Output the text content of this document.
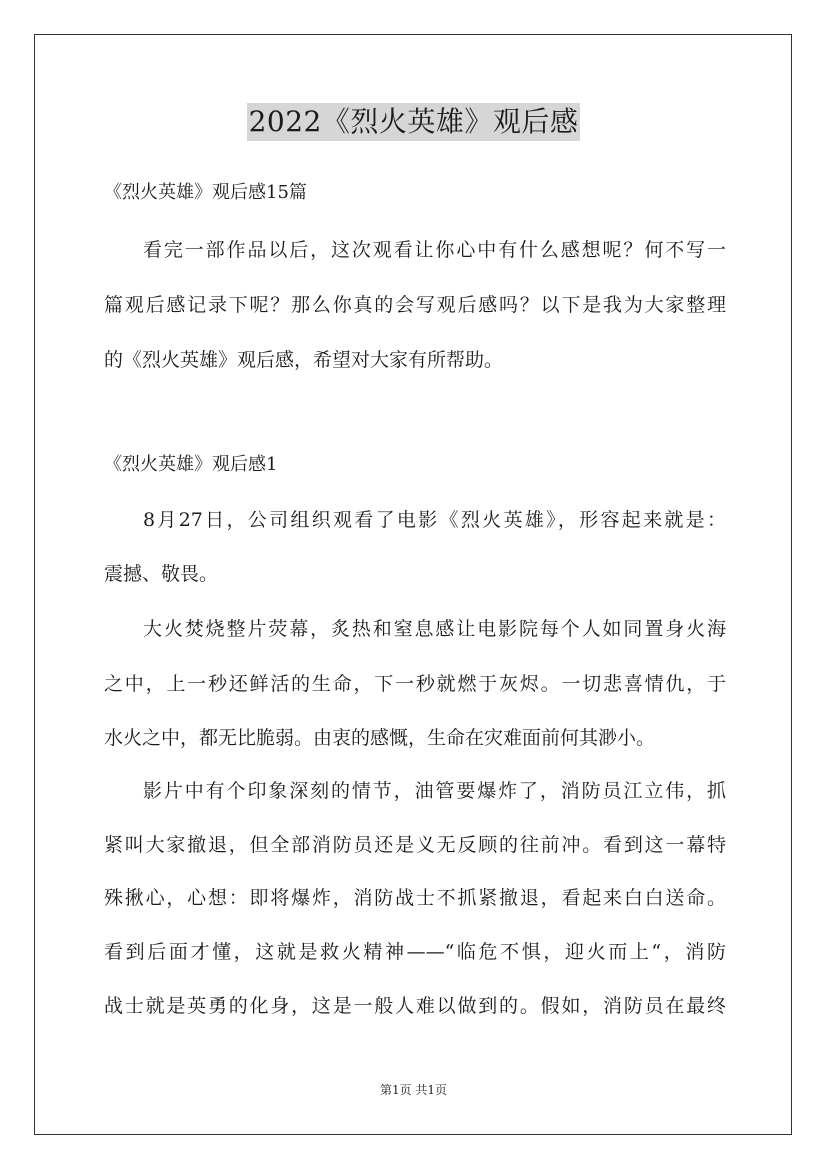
2022《烈火英雄》观后感
《烈火英雄》观后感15篇
看完一部作品以后，这次观看让你心中有什么感想呢？何不写一
篇观后感记录下呢？那么你真的会写观后感吗？以下是我为大家整理
的《烈火英雄》观后感，希望对大家有所帮助。
《烈火英雄》观后感1
8月27日，公司组织观看了电影《烈火英雄》，形容起来就是：
震撼、敬畏。
大火焚烧整片荧幕，炙热和窒息感让电影院每个人如同置身火海
之中，上一秒还鲜活的生命，下一秒就燃于灰烬。一切悲喜情仇，于
水火之中，都无比脆弱。由衷的感慨，生命在灾难面前何其渺小。
影片中有个印象深刻的情节，油管要爆炸了，消防员江立伟，抓
紧叫大家撤退，但全部消防员还是义无反顾的往前冲。看到这一幕特
殊揪心，心想：即将爆炸，消防战士不抓紧撤退，看起来白白送命。
看到后面才懂，这就是救火精神——“临危不惧，迎火而上“，消防
战士就是英勇的化身，这是一般人难以做到的。假如，消防员在最终
第1页 共1页
